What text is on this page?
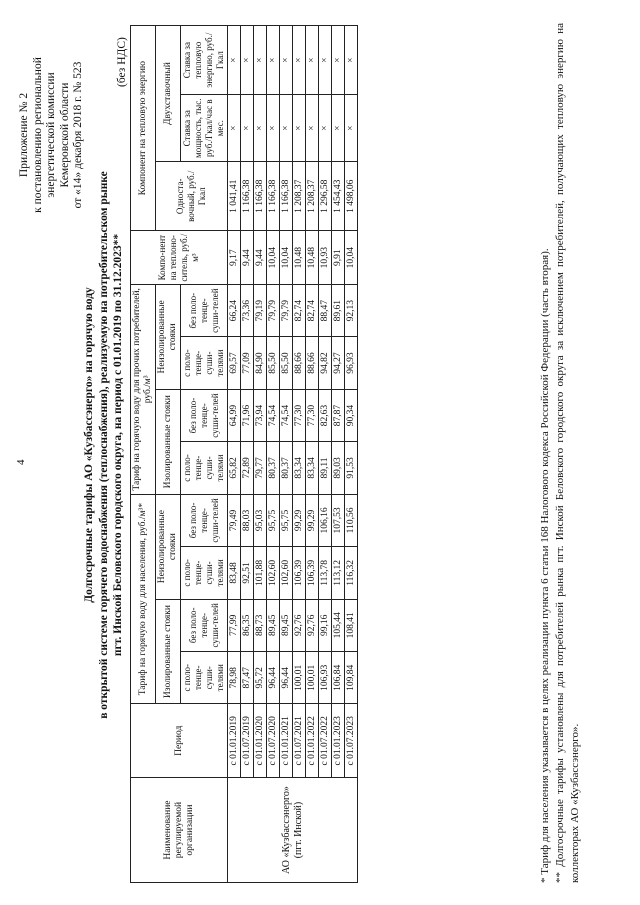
4
Приложение № 2 к постановлению региональной энергетической комиссии Кемеровской области от «14» декабря 2018 г. № 523
Долгосрочные тарифы АО «Кузбассэнерго» на горячую воду в открытой системе горячего водоснабжения (теплоснабжения), реализуемую на потребительском рынке пгт. Инской Беловского городского округа, на период с 01.01.2019 по 31.12.2023**
(без НДС)
Наименование регулируемой организации	Период	Тариф на горячую воду для населения, руб./м³*				Тариф на горячую воду для прочих потребителей, руб./м³				Компо-нент на теплоно-ситель, руб./м³	Компонент на тепловую энергию		
		Изолированные стояки		Неизолированные стояки		Изолированные стояки		Неизолированные стояки			Односта-вочный, руб./Гкал	Двухставочный	
		с поло-тенце-суши-телями	без поло-тенце-суши-телей	с поло-тенце-суши-телями	без поло-тенце-суши-телей	с поло-тенце-суши-телями	без поло-тенце-суши-телей	с поло-тенце-суши-телями	без поло-тенце-суши-телей			Ставка за мощность, тыс. руб./Гкал/час в мес.	Ставка за тепловую энергию, руб./Гкал

АО «Кузбассэнерго» (пгт. Инской)	с 01.01.2019	78,98	77,99	83,48	79,49	65,82	64,99	69,57	66,24	9,17	1 041,41	×	×
	с 01.07.2019	87,47	86,35	92,51	88,03	72,89	71,96	77,09	73,36	9,44	1 166,38	×	×
	с 01.01.2020	95,72	88,73	101,88	95,03	79,77	73,94	84,90	79,19	9,44	1 166,38	×	×
	с 01.07.2020	96,44	89,45	102,60	95,75	80,37	74,54	85,50	79,79	10,04	1 166,38	×	×
	с 01.01.2021	96,44	89,45	102,60	95,75	80,37	74,54	85,50	79,79	10,04	1 166,38	×	×
	с 01.07.2021	100,01	92,76	106,39	99,29	83,34	77,30	88,66	82,74	10,48	1 208,37	×	×
	с 01.01.2022	100,01	92,76	106,39	99,29	83,34	77,30	88,66	82,74	10,48	1 208,37	×	×
	с 01.07.2022	106,93	99,16	113,78	106,16	89,11	82,63	94,82	88,47	10,93	1 296,58	×	×
	с 01.01.2023	106,84	105,44	113,12	107,53	89,03	87,87	94,27	89,61	9,91	1 454,43	×	×
	с 01.07.2023	109,84	108,41	116,32	110,56	91,53	90,34	96,93	92,13	10,04	1 498,06	×	×

* Тариф для населения указывается в целях реализации пункта 6 статьи 168 Налогового кодекса Российской Федерации (часть вторая). ** Долгосрочные тарифы установлены для потребителей рынка пгт. Инской Беловского городского округа за исключением потребителей, получающих тепловую энергию на коллекторах АО «Кузбассэнерго».
